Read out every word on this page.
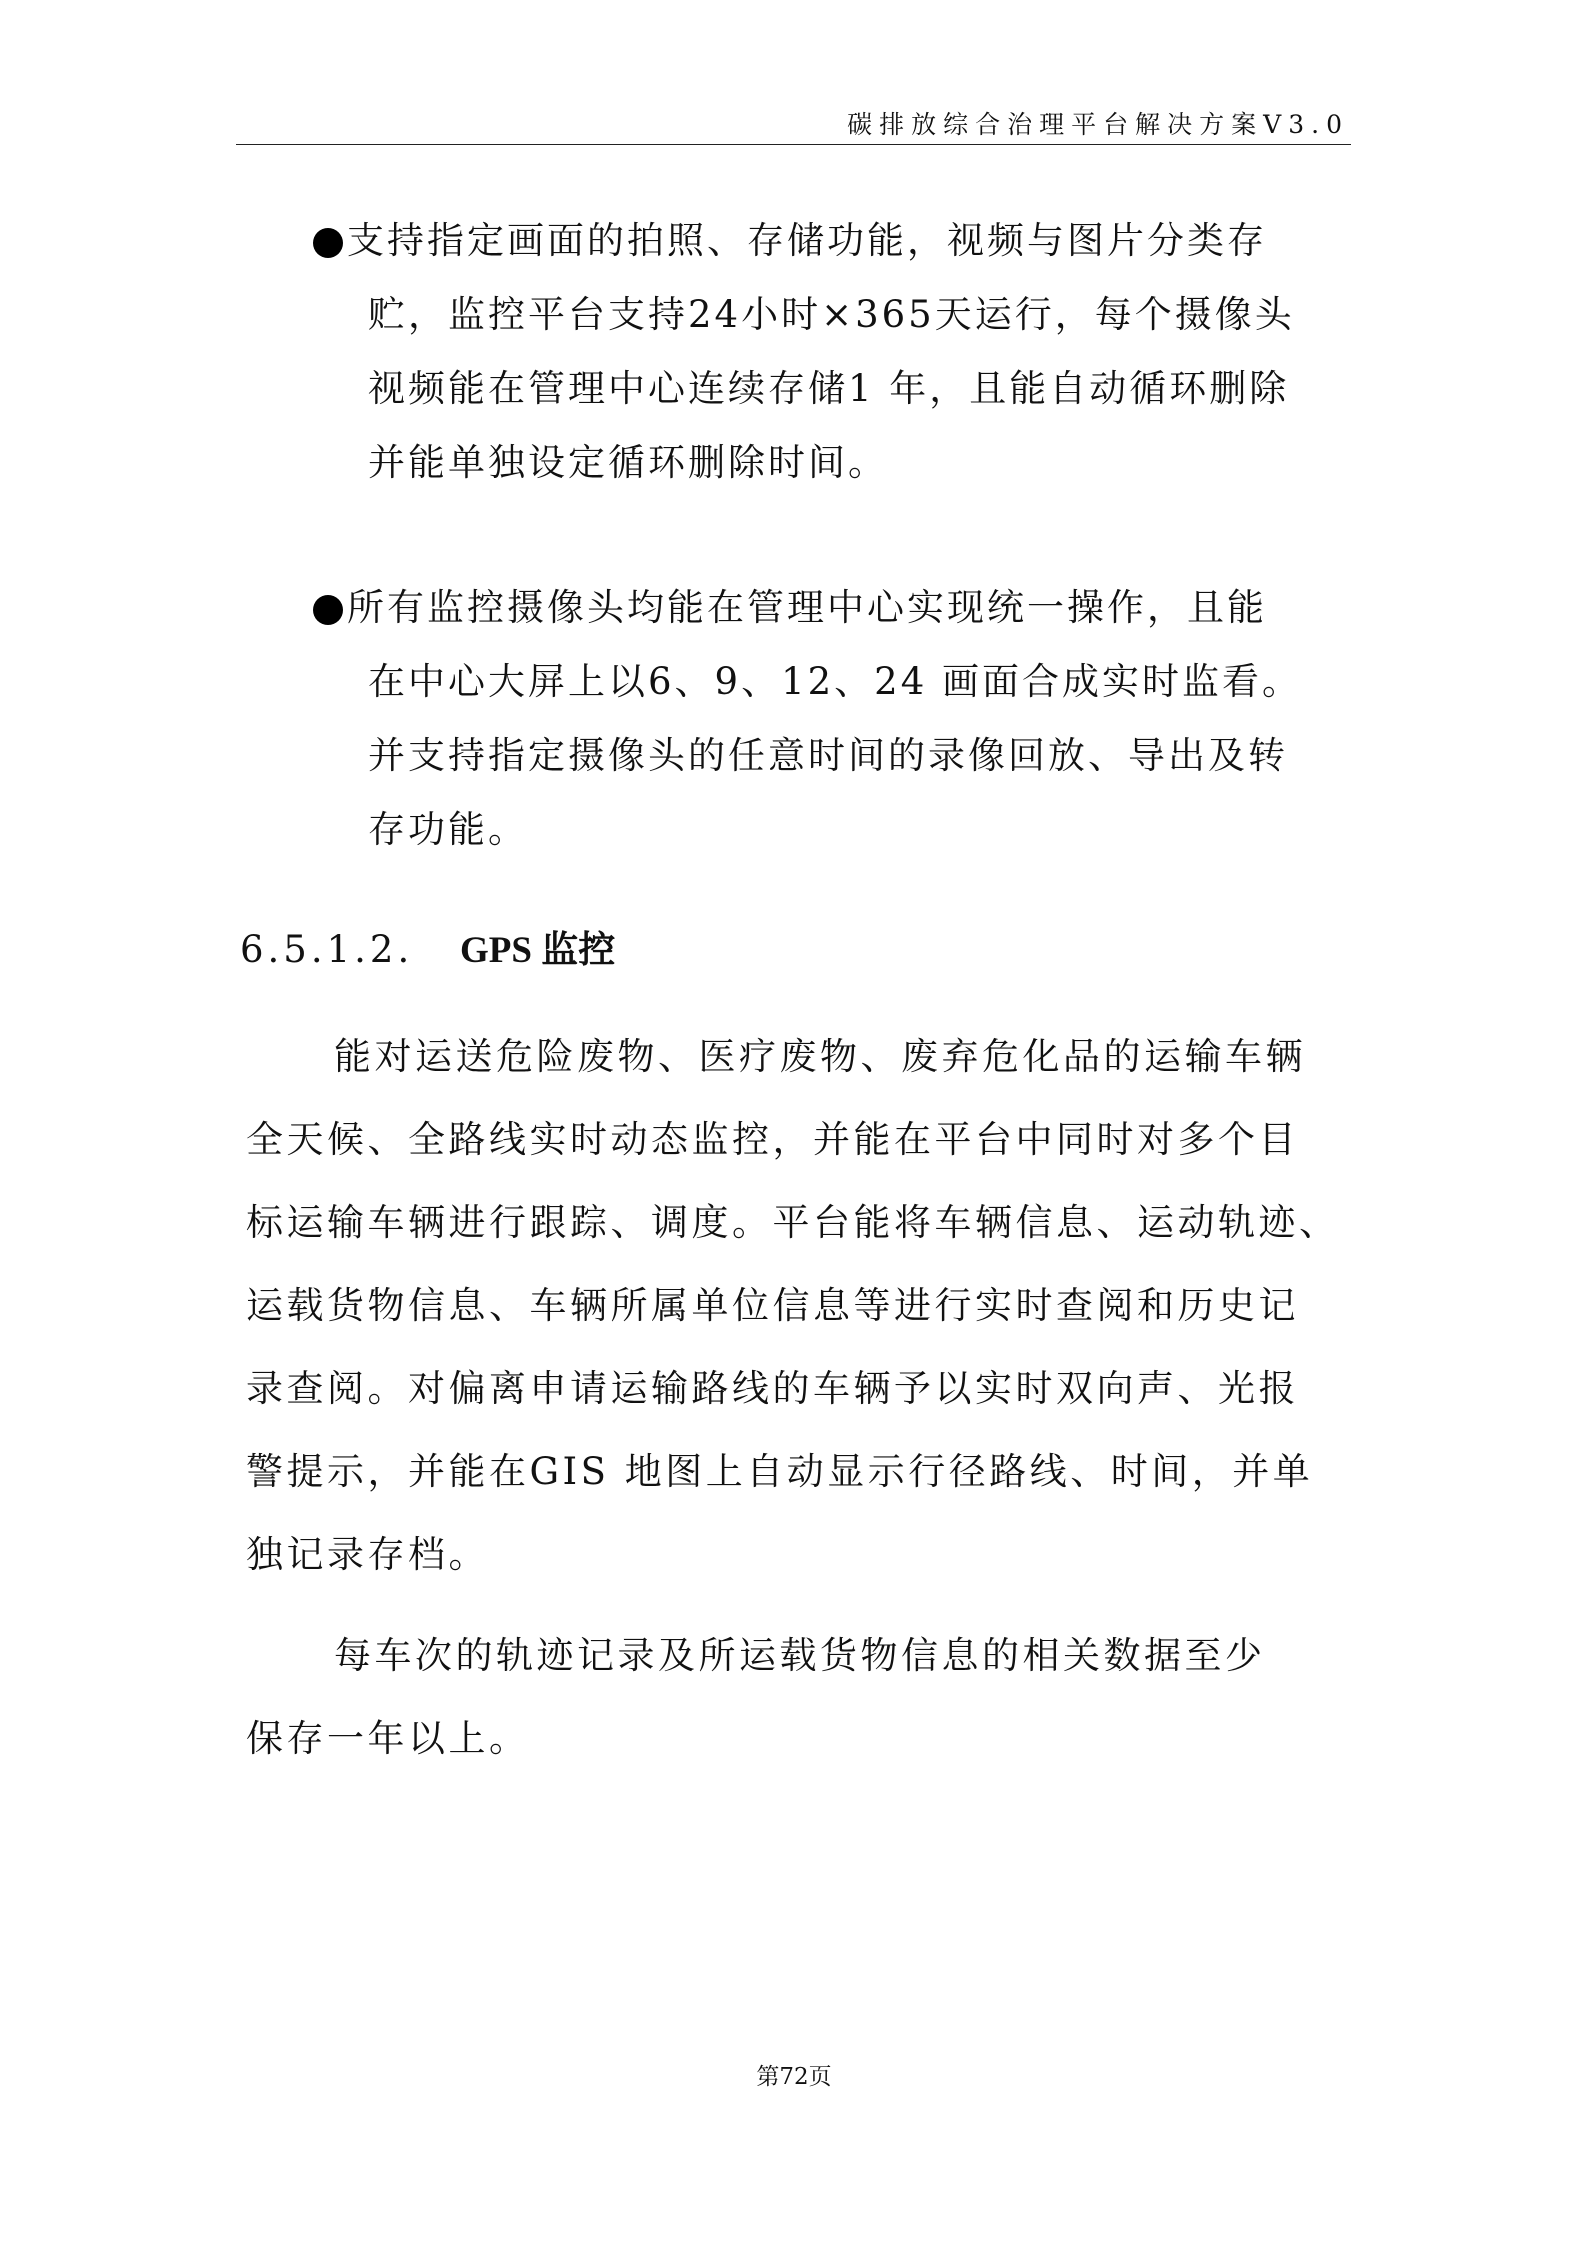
碳排放综合治理平台解决方案V3.0
支持指定画面的拍照、存储功能，视频与图片分类存
贮，监控平台支持24小时×365天运行，每个摄像头
视频能在管理中心连续存储1 年，且能自动循环删除
并能单独设定循环删除时间。
所有监控摄像头均能在管理中心实现统一操作，且能
在中心大屏上以6、9、12、24 画面合成实时监看。
并支持指定摄像头的任意时间的录像回放、导出及转
存功能。
6.5.1.2. GPS 监控
能对运送危险废物、医疗废物、废弃危化品的运输车辆
全天候、全路线实时动态监控，并能在平台中同时对多个目
标运输车辆进行跟踪、调度。平台能将车辆信息、运动轨迹、
运载货物信息、车辆所属单位信息等进行实时查阅和历史记
录查阅。对偏离申请运输路线的车辆予以实时双向声、光报
警提示，并能在GIS 地图上自动显示行径路线、时间，并单
独记录存档。
每车次的轨迹记录及所运载货物信息的相关数据至少
保存一年以上。
第72页
